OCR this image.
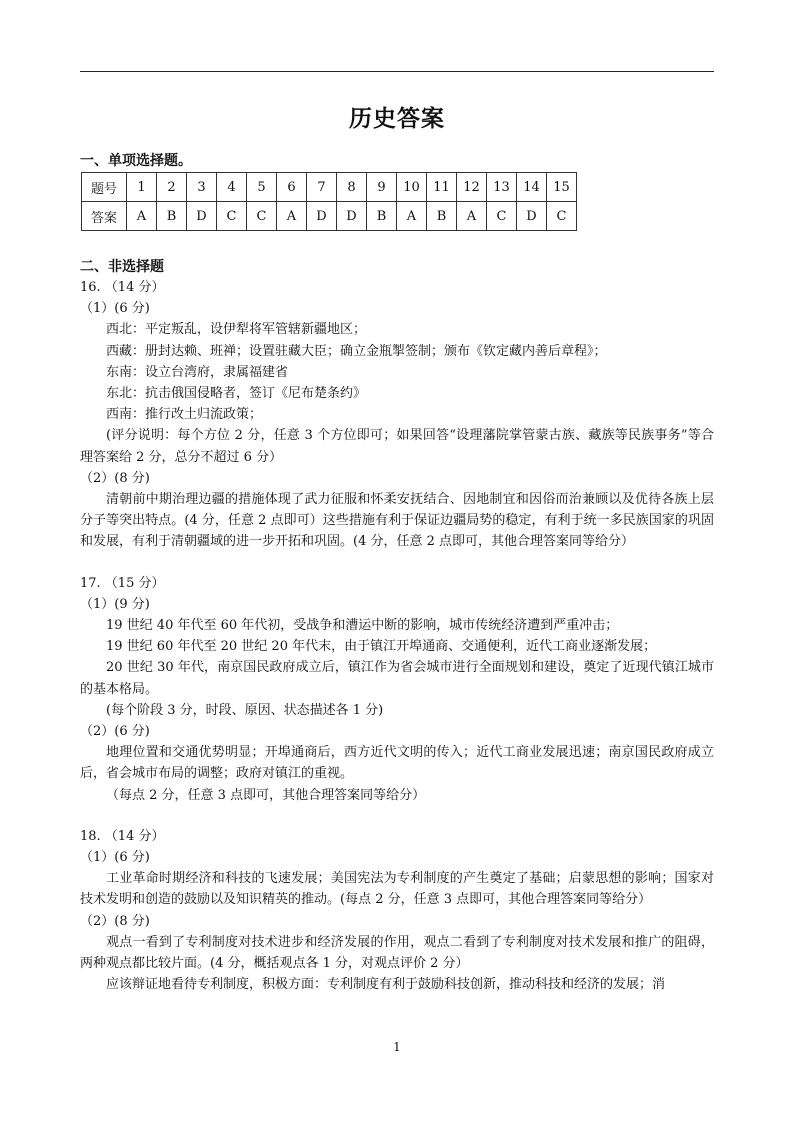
历史答案
一、单项选择题。
题号	1	2	3	4	5	6	7	8	9	10	11	12	13	14	15
答案	A	B	D	C	C	A	D	D	B	A	B	A	C	D	C
二、非选择题

16. （14 分）

（1）(6 分)

西北：平定叛乱，设伊犁将军管辖新疆地区；

西藏：册封达赖、班禅；设置驻藏大臣；确立金瓶掣签制；颁布《钦定藏内善后章程》；

东南：设立台湾府，隶属福建省

东北：抗击俄国侵略者，签订《尼布楚条约》

西南：推行改土归流政策；

(评分说明：每个方位 2 分，任意 3 个方位即可；如果回答“设理藩院掌管蒙古族、藏族等民族事务”等合理答案给 2 分，总分不超过 6 分）

（2）(8 分)

清朝前中期治理边疆的措施体现了武力征服和怀柔安抚结合、因地制宜和因俗而治兼顾以及优待各族上层分子等突出特点。(4 分，任意 2 点即可）这些措施有利于保证边疆局势的稳定，有利于统一多民族国家的巩固和发展，有利于清朝疆域的进一步开拓和巩固。(4 分，任意 2 点即可，其他合理答案同等给分）

17. （15 分）

（1）(9 分)

19 世纪 40 年代至 60 年代初，受战争和漕运中断的影响，城市传统经济遭到严重冲击；

19 世纪 60 年代至 20 世纪 20 年代末，由于镇江开埠通商、交通便利，近代工商业逐渐发展；

20 世纪 30 年代，南京国民政府成立后，镇江作为省会城市进行全面规划和建设，奠定了近现代镇江城市的基本格局。

(每个阶段 3 分，时段、原因、状态描述各 1 分)

（2）(6 分)

地理位置和交通优势明显；开埠通商后，西方近代文明的传入；近代工商业发展迅速；南京国民政府成立后，省会城市布局的调整；政府对镇江的重视。

（每点 2 分，任意 3 点即可，其他合理答案同等给分）

18. （14 分）

（1）(6 分)

工业革命时期经济和科技的飞速发展；美国宪法为专利制度的产生奠定了基础；启蒙思想的影响；国家对技术发明和创造的鼓励以及知识精英的推动。(每点 2 分，任意 3 点即可，其他合理答案同等给分）

（2）(8 分)

观点一看到了专利制度对技术进步和经济发展的作用，观点二看到了专利制度对技术发展和推广的阻碍，两种观点都比较片面。(4 分，概括观点各 1 分，对观点评价 2 分）

应该辩证地看待专利制度，积极方面：专利制度有利于鼓励科技创新，推动科技和经济的发展；消

1
